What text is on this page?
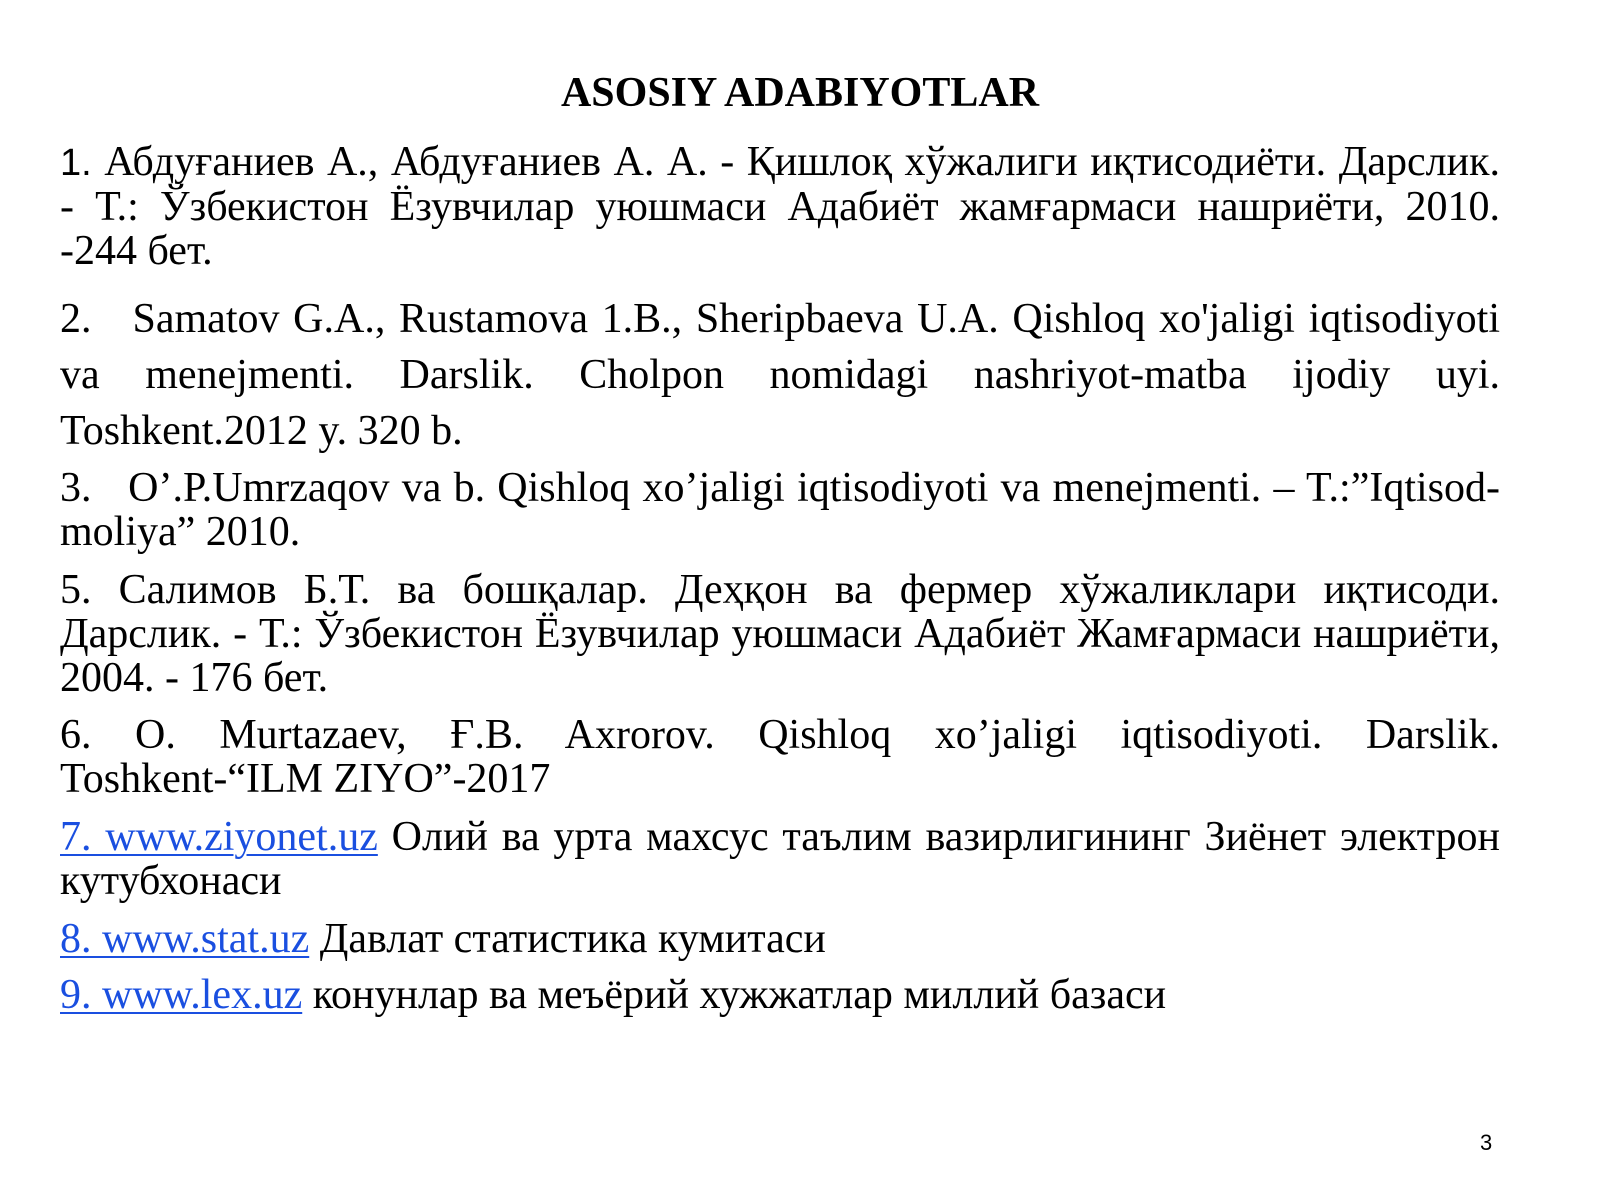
ASOSIY ADABIYOTLAR
1. Абдуғаниев А., Абдуғаниев А. А. - Қишлоқ хўжалиги иқтисодиёти. Дарслик. - Т.: Ўзбекистон Ёзувчилар уюшмаси Адабиёт жамғармаси нашриёти, 2010. -244 бет.
2.   Samatov G.A., Rustamova 1.B., Sheripbaeva U.A. Qishloq xo'jaligi iqtisodiyoti va menejmenti. Darslik. Cholpon nomidagi nashriyot-matba ijodiy uyi. Toshkent.2012 y. 320 b.
3.   O’.P.Umrzaqov va b. Qishloq xo’jaligi iqtisodiyoti va menejmenti. – T.:”Iqtisod-moliya” 2010.
5. Салимов Б.Т. ва бошқалар. Деҳқон ва фермер хўжаликлари иқтисоди. Дарслик. - Т.: Ўзбекистон Ёзувчилар уюшмаси Адабиёт Жамғармаси нашриёти, 2004. - 176 бет.
6. O. Murtazaev, Ғ.B. Axrorov. Qishloq xo’jaligi iqtisodiyoti. Darslik. Toshkent-“ILM ZIYO”-2017
7. www.ziyonet.uz Олий ва урта махсус таълим вазирлигининг Зиёнет электрон кутубхонаси
8. www.stat.uz Давлат статистика кумитаси
9. www.lex.uz конунлар ва меъёрий хужжатлар миллий базаси
3
